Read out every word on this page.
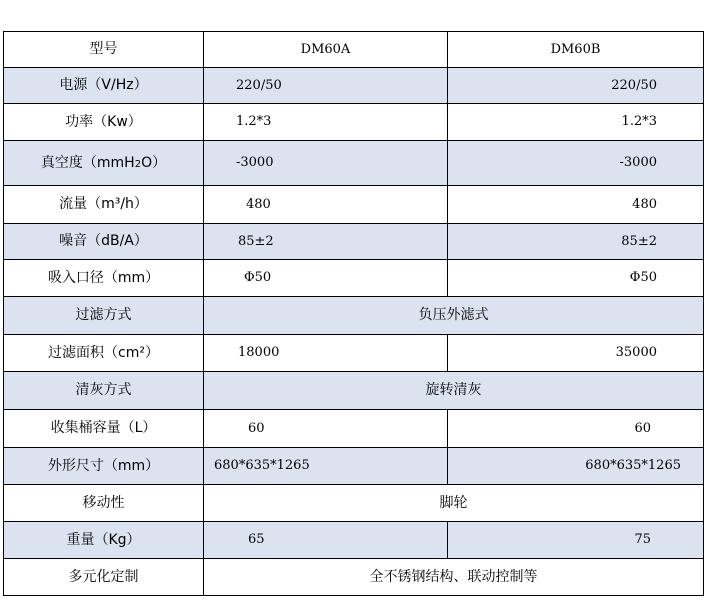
型号	DM60A	DM60B
电源（V/Hz）	220/50	220/50
功率（Kw）	1.2*3	1.2*3
真空度（mmH2O）	-3000	-3000
流量（m³/h）	480	480
噪音（dB/A）	85±2	85±2
吸入口径（mm）	Φ50	Φ50
过滤方式	负压外滤式	
过滤面积（cm²）	18000	35000
清灰方式	旋转清灰	
收集桶容量（L）	60	60
外形尺寸（mm）	680*635*1265	680*635*1265
移动性	脚轮	
重量（Kg）	65	75
多元化定制	全不锈钢结构、联动控制等	
